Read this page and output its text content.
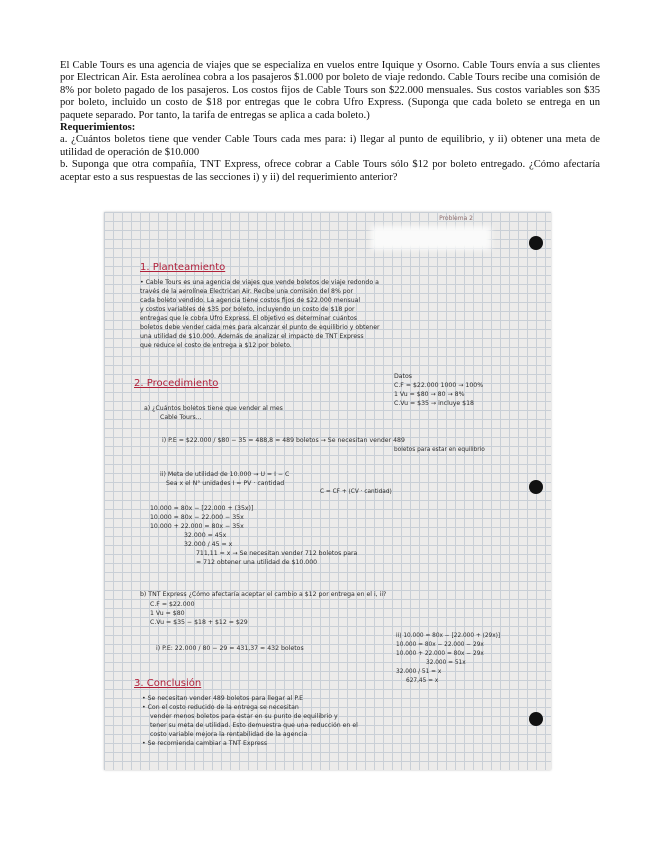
El Cable Tours es una agencia de viajes que se especializa en vuelos entre Iquique y Osorno. Cable Tours envía a sus clientes por Electrican Air. Esta aerolínea cobra a los pasajeros $1.000 por boleto de viaje redondo. Cable Tours recibe una comisión de 8% por boleto pagado de los pasajeros. Los costos fijos de Cable Tours son $22.000 mensuales. Sus costos variables son $35 por boleto, incluido un costo de $18 por entregas que le cobra Ufro Express. (Suponga que cada boleto se entrega en un paquete separado. Por tanto, la tarifa de entregas se aplica a cada boleto.)

Requerimientos:

a. ¿Cuántos boletos tiene que vender Cable Tours cada mes para: i) llegar al punto de equilibrio, y ii) obtener una meta de utilidad de operación de $10.000

b. Suponga que otra compañía, TNT Express, ofrece cobrar a Cable Tours sólo $12 por boleto entregado. ¿Cómo afectaría aceptar esto a sus respuestas de las secciones i) y ii) del requerimiento anterior?

Problema 2
1. Planteamiento
• Cable Tours es una agencia de viajes que vende boletos de viaje redondo a
través de la aerolínea Electrican Air. Recibe una comisión del 8% por
cada boleto vendido. La agencia tiene costos fijos de $22.000 mensual
y costos variables de $35 por boleto, incluyendo un costo de $18 por
entregas que le cobra Ufro Express. El objetivo es determinar cuántos
boletos debe vender cada mes para alcanzar el punto de equilibrio y obtener
una utilidad de $10.000. Además de analizar el impacto de TNT Express
que reduce el costo de entrega a $12 por boleto.
2. Procedimiento
Datos
C.F = $22.000 1000 → 100%
1 Vu = $80 → 80 → 8%
C.Vu = $35 → incluye $18
a) ¿Cuántos boletos tiene que vender al mes
Cable Tours...
i) P.E = $22.000 / $80 − 35 = 488,8 ≈ 489 boletos → Se necesitan vender 489
boletos para estar en equilibrio
ii) Meta de utilidad de 10.000 → U = I − C
Sea x el N° unidades I = PV · cantidad
C = CF + (CV · cantidad)
10.000 = 80x − [22.000 + (35x)]
10.000 = 80x − 22.000 − 35x
10.000 + 22.000 = 80x − 35x
32.000 = 45x
32.000 / 45 = x
711,11 = x → Se necesitan vender 712 boletos para
≈ 712 obtener una utilidad de $10.000
b) TNT Express ¿Cómo afectaría aceptar el cambio a $12 por entrega en el i, ii?
C.F = $22.000
1 Vu = $80
C.Vu = $35 − $18 + $12 = $29
i) P.E: 22.000 / 80 − 29 = 431,37 ≈ 432 boletos
ii) 10.000 = 80x − [22.000 + (29x)]
10.000 = 80x − 22.000 − 29x
10.000 + 22.000 = 80x − 29x
32.000 = 51x
32.000 / 51 = x
627,45 = x
3. Conclusión
• Se necesitan vender 489 boletos para llegar al P.E
• Con el costo reducido de la entrega se necesitan
vender menos boletos para estar en su punto de equilibrio y
tener su meta de utilidad. Esto demuestra que una reducción en el
costo variable mejora la rentabilidad de la agencia
• Se recomienda cambiar a TNT Express
